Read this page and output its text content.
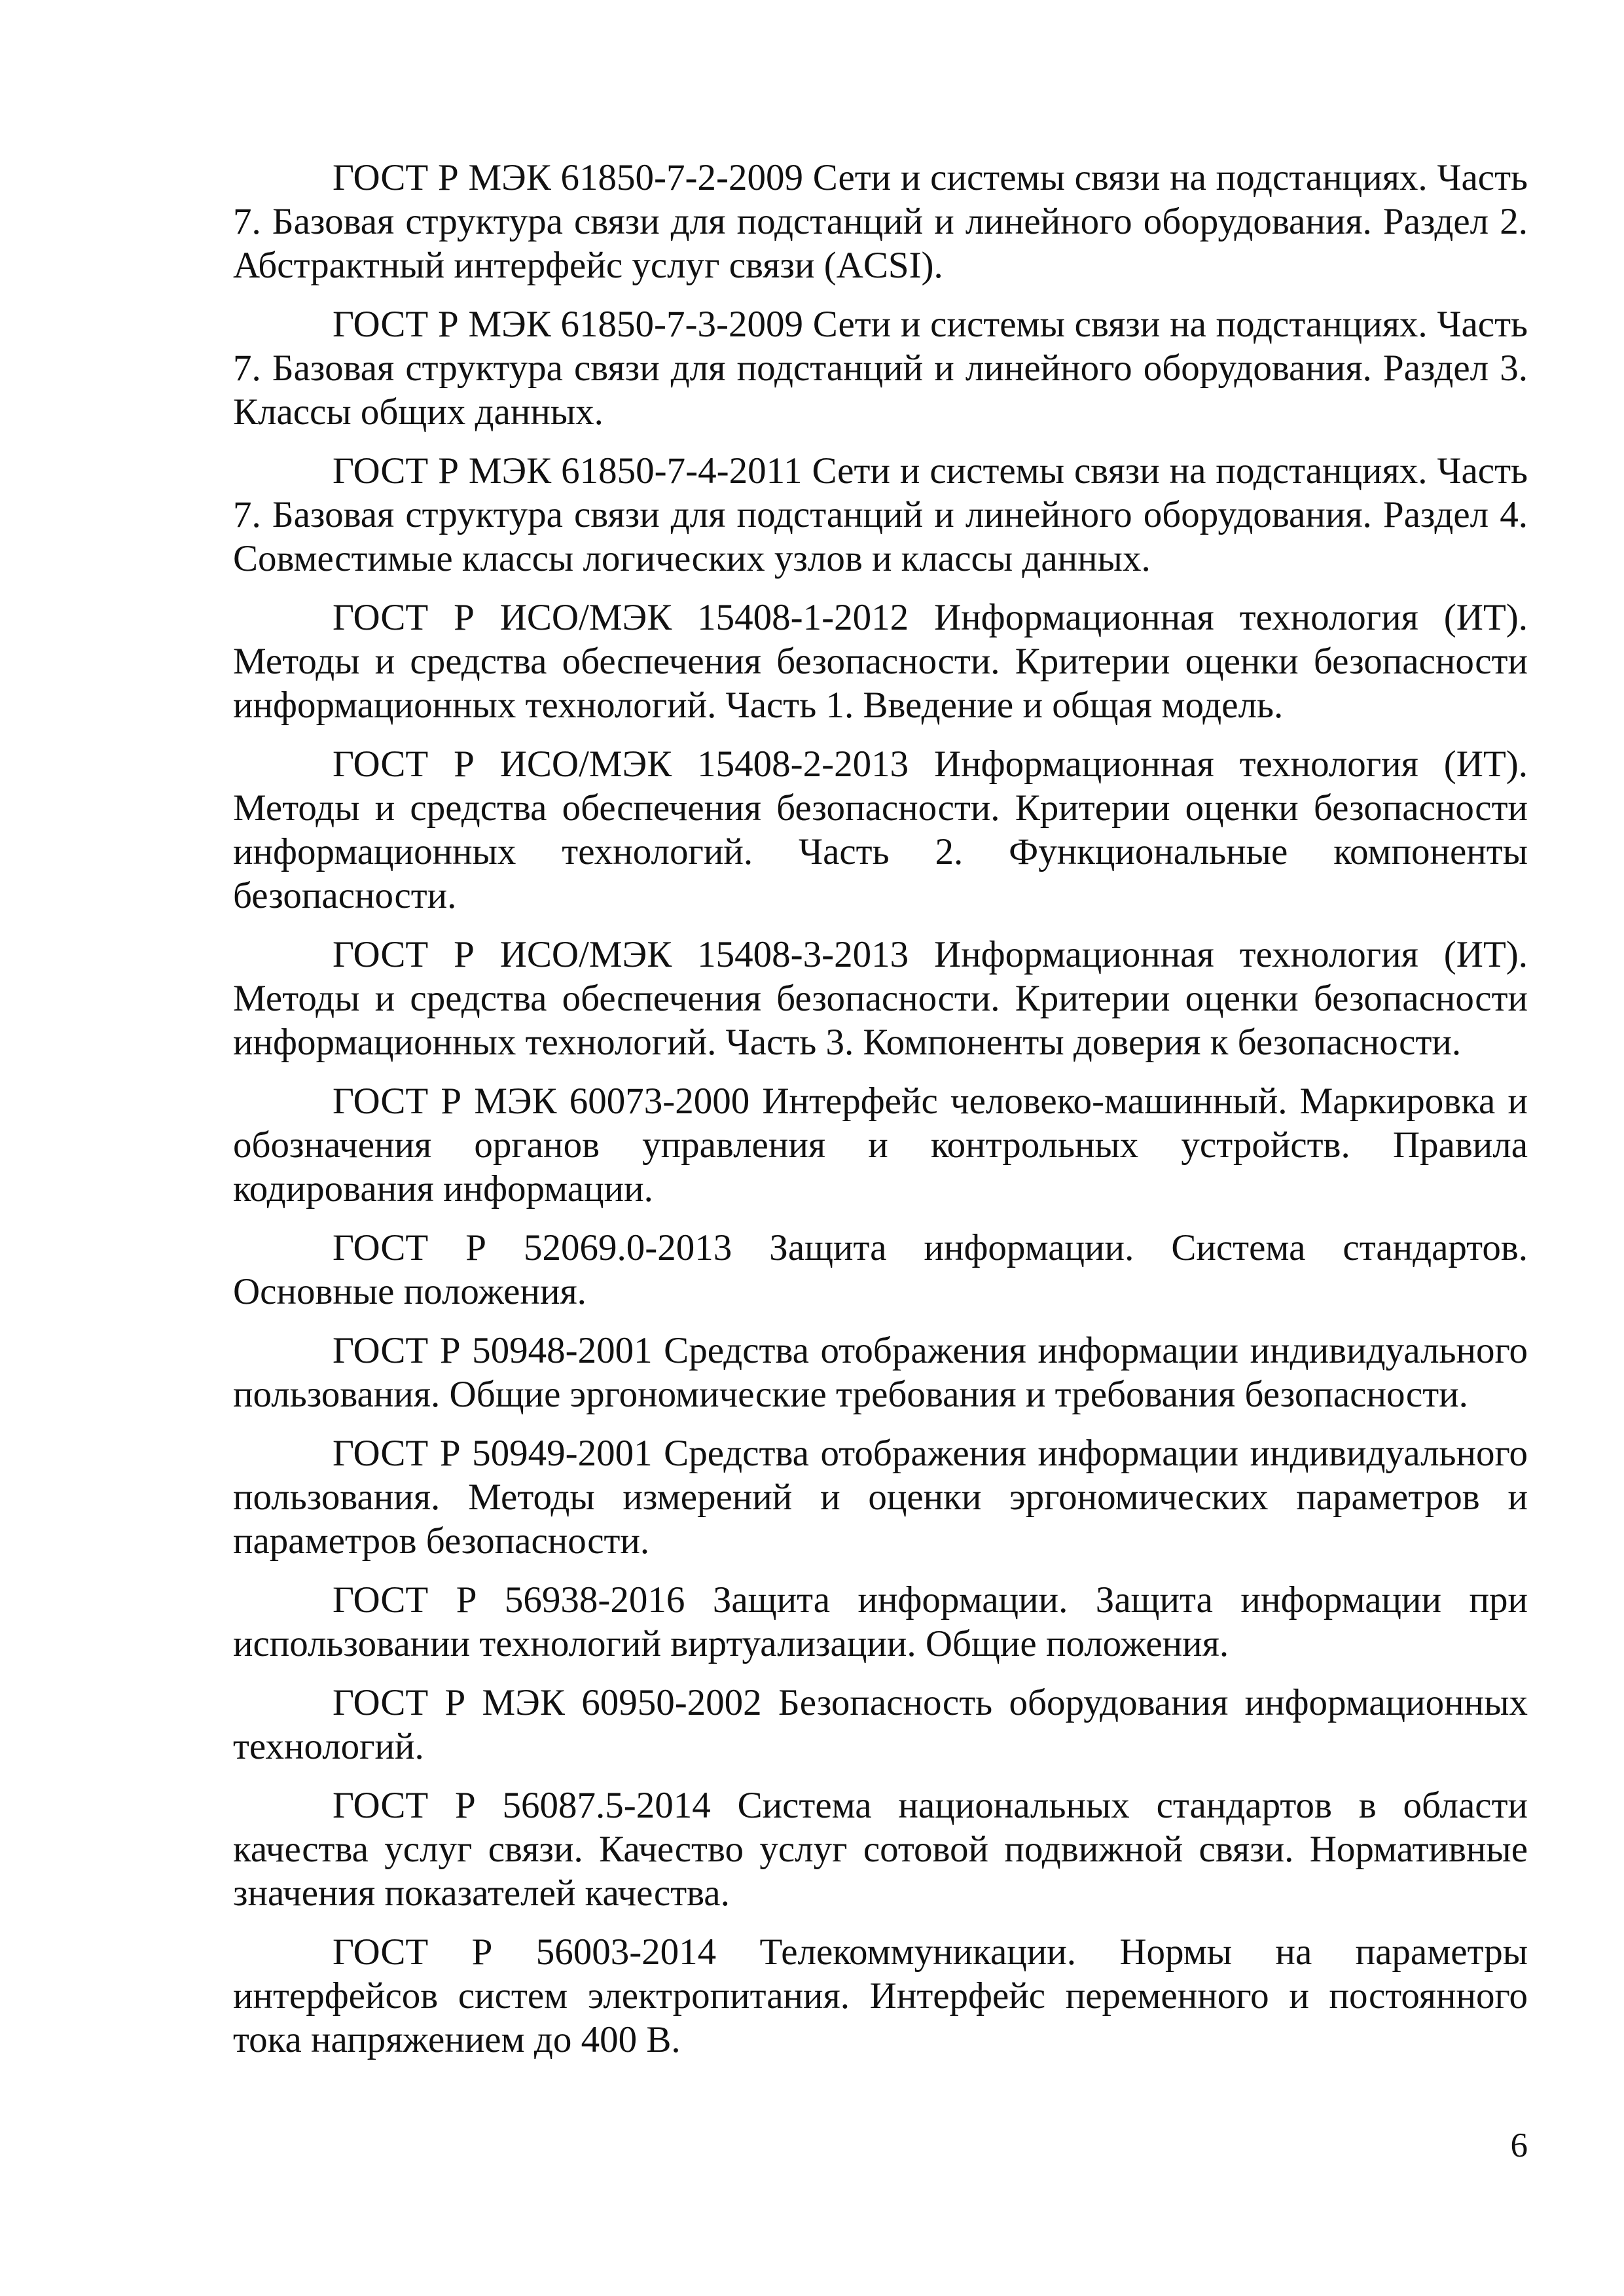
ГОСТ Р МЭК 61850-7-2-2009 Сети и системы связи на подстанциях. Часть 7. Базовая структура связи для подстанций и линейного оборудования. Раздел 2. Абстрактный интерфейс услуг связи (ACSI).
ГОСТ Р МЭК 61850-7-3-2009 Сети и системы связи на подстанциях. Часть 7. Базовая структура связи для подстанций и линейного оборудования. Раздел 3. Классы общих данных.
ГОСТ Р МЭК 61850-7-4-2011 Сети и системы связи на подстанциях. Часть 7. Базовая структура связи для подстанций и линейного оборудования. Раздел 4. Совместимые классы логических узлов и классы данных.
ГОСТ Р ИСО/МЭК 15408-1-2012 Информационная технология (ИТ). Методы и средства обеспечения безопасности. Критерии оценки безопасности информационных технологий. Часть 1. Введение и общая модель.
ГОСТ Р ИСО/МЭК 15408-2-2013 Информационная технология (ИТ). Методы и средства обеспечения безопасности. Критерии оценки безопасности информационных технологий. Часть 2. Функциональные компоненты безопасности.
ГОСТ Р ИСО/МЭК 15408-3-2013 Информационная технология (ИТ). Методы и средства обеспечения безопасности. Критерии оценки безопасности информационных технологий. Часть 3. Компоненты доверия к безопасности.
ГОСТ Р МЭК 60073-2000 Интерфейс человеко-машинный. Маркировка и обозначения органов управления и контрольных устройств. Правила кодирования информации.
ГОСТ Р 52069.0-2013 Защита информации. Система стандартов. Основные положения.
ГОСТ Р 50948-2001 Средства отображения информации индивидуального пользования. Общие эргономические требования и требования безопасности.
ГОСТ Р 50949-2001 Средства отображения информации индивидуального пользования. Методы измерений и оценки эргономических параметров и параметров безопасности.
ГОСТ Р 56938-2016 Защита информации. Защита информации при использовании технологий виртуализации. Общие положения.
ГОСТ Р МЭК 60950-2002 Безопасность оборудования информационных технологий.
ГОСТ Р 56087.5-2014 Система национальных стандартов в области качества услуг связи. Качество услуг сотовой подвижной связи. Нормативные значения показателей качества.
ГОСТ Р 56003-2014 Телекоммуникации. Нормы на параметры интерфейсов систем электропитания. Интерфейс переменного и постоянного тока напряжением до 400 В.
6
